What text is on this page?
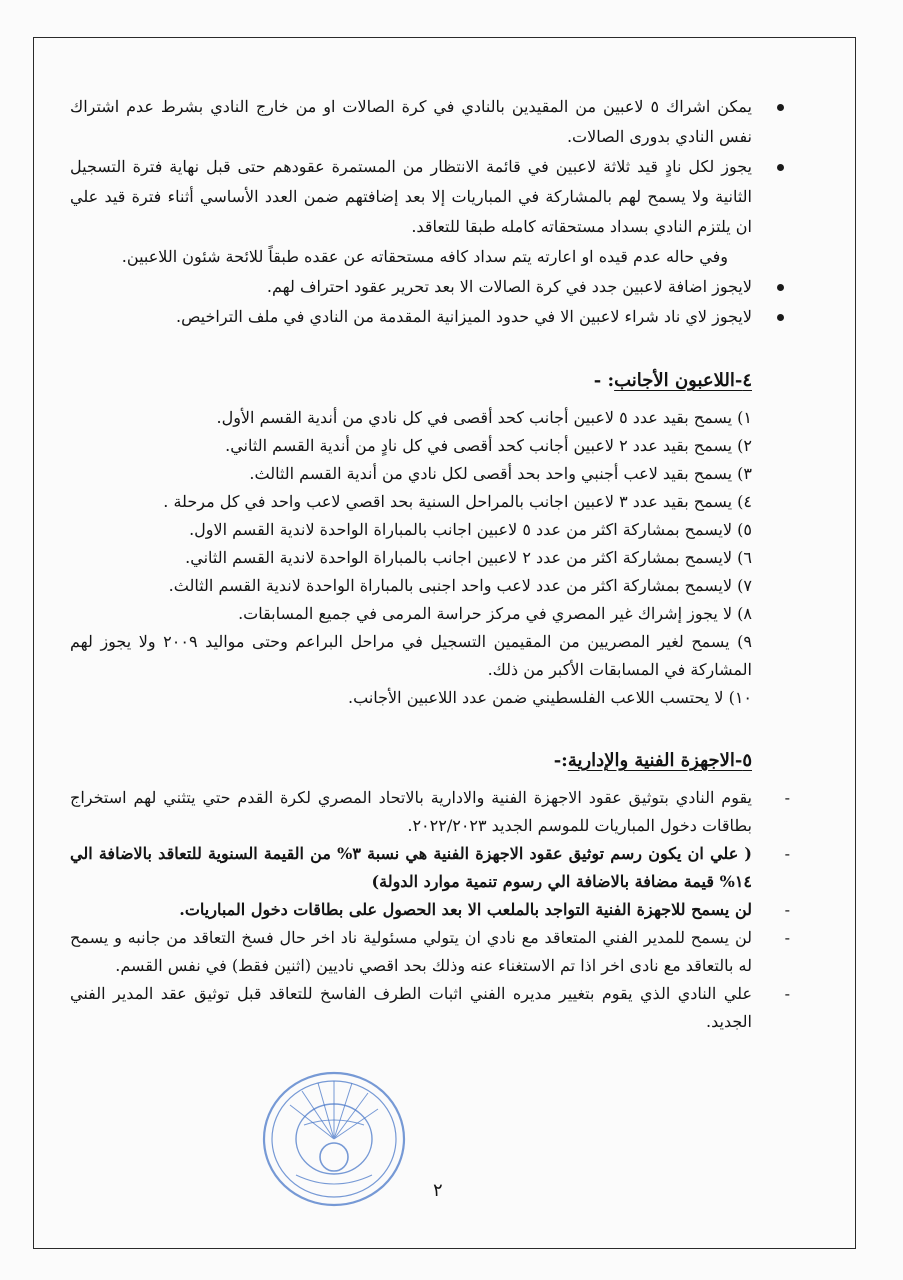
يمكن اشراك ٥ لاعبين من المقيدين بالنادي في كرة الصالات او من خارج النادي بشرط عدم اشتراك نفس النادي بدورى الصالات.
يجوز لكل نادٍ قيد ثلاثة لاعبين في قائمة الانتظار من المستمرة عقودهم حتى قبل نهاية فترة التسجيل الثانية ولا يسمح لهم بالمشاركة في المباريات إلا بعد إضافتهم ضمن العدد الأساسي أثناء فترة قيد علي ان يلتزم النادي بسداد مستحقاته كامله طبقا للتعاقد.

وفي حاله عدم قيده او اعارته يتم سداد كافه مستحقاته عن عقده طبقاً للائحة شئون اللاعبين.

لايجوز اضافة لاعبين جدد في كرة الصالات الا بعد تحرير عقود احتراف لهم.
لايجوز لاي ناد شراء لاعبين الا في حدود الميزانية المقدمة من النادي في ملف التراخيص.
٤-اللاعبون الأجانب: -
١) يسمح بقيد عدد ٥ لاعبين أجانب كحد أقصى في كل نادي من أندية القسم الأول.
٢) يسمح بقيد عدد ٢ لاعبين أجانب كحد أقصى في كل نادٍ من أندية القسم الثاني.
٣) يسمح بقيد لاعب أجنبي واحد بحد أقصى لكل نادي من أندية القسم الثالث.
٤) يسمح بقيد عدد ٣ لاعبين اجانب بالمراحل السنية بحد اقصي لاعب واحد في كل مرحلة .
٥) لايسمح بمشاركة اكثر من عدد ٥ لاعبين اجانب بالمباراة الواحدة لاندية القسم الاول.
٦) لايسمح بمشاركة اكثر من عدد ٢ لاعبين اجانب بالمباراة الواحدة لاندية القسم الثاني.
٧) لايسمح بمشاركة اكثر من عدد لاعب واحد اجنبى بالمباراة الواحدة لاندية القسم الثالث.
٨) لا يجوز إشراك غير المصري في مركز حراسة المرمى في جميع المسابقات.
٩) يسمح لغير المصريين من المقيمين التسجيل في مراحل البراعم وحتى مواليد ٢٠٠٩ ولا يجوز لهم المشاركة في المسابقات الأكبر من ذلك.
١٠) لا يحتسب اللاعب الفلسطيني ضمن عدد اللاعبين الأجانب.
٥-الاجهزة الفنية والإدارية:-
-
يقوم النادي بتوثيق عقود الاجهزة الفنية والادارية بالاتحاد المصري لكرة القدم حتي يتثني لهم استخراج بطاقات دخول المباريات للموسم الجديد ٢٠٢٢/٢٠٢٣.
-
( علي ان يكون رسم توثيق عقود الاجهزة الفنية هي نسبة ٣% من القيمة السنوية للتعاقد بالاضافة الي ١٤% قيمة مضافة بالاضافة الي رسوم تنمية موارد الدولة)
-
لن يسمح للاجهزة الفنية التواجد بالملعب الا بعد الحصول على بطاقات دخول المباريات.
-
لن يسمح للمدير الفني المتعاقد مع نادي ان يتولي مسئولية ناد اخر حال فسخ التعاقد من جانبه و يسمح له بالتعاقد مع نادى اخر اذا تم الاستغناء عنه وذلك بحد اقصي ناديين (اثنين فقط) في نفس القسم.
-
علي النادي الذي يقوم بتغيير مديره الفني اثبات الطرف الفاسخ للتعاقد قبل توثيق عقد المدير الفني الجديد.
٢
